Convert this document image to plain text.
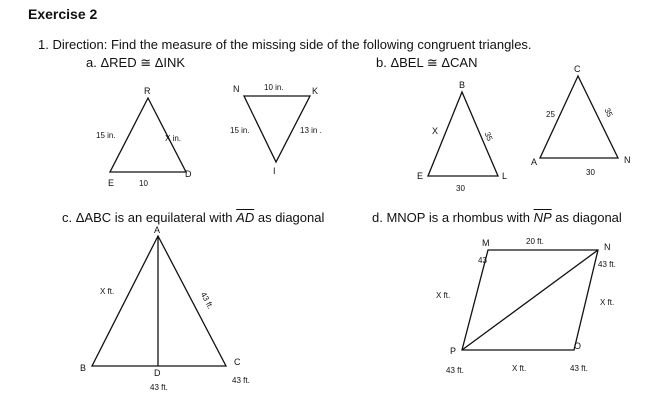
Exercise 2
1. Direction: Find the measure of the missing side of the following congruent triangles.
a. ΔRED ≅ ΔINK	b. ΔBEL ≅ ΔCAN
c. ΔABC is an equilateral with $\overline{AD}$ as diagonal	d. MNOP is a rhombus with $\overline{NP}$ as diagonal
R
E
D
15 in.	X in.
10
N	K
I
10 in.
15 in.	13 in .
B
E	L
X	35
30
C
A	N
25	35
30
A
B	D
C
X ft.	43 ft.
43 ft.
43 ft.
M	N
O
P
20 ft.
43	43 ft.
X ft.
X ft.
43 ft.	X ft.	43 ft.
